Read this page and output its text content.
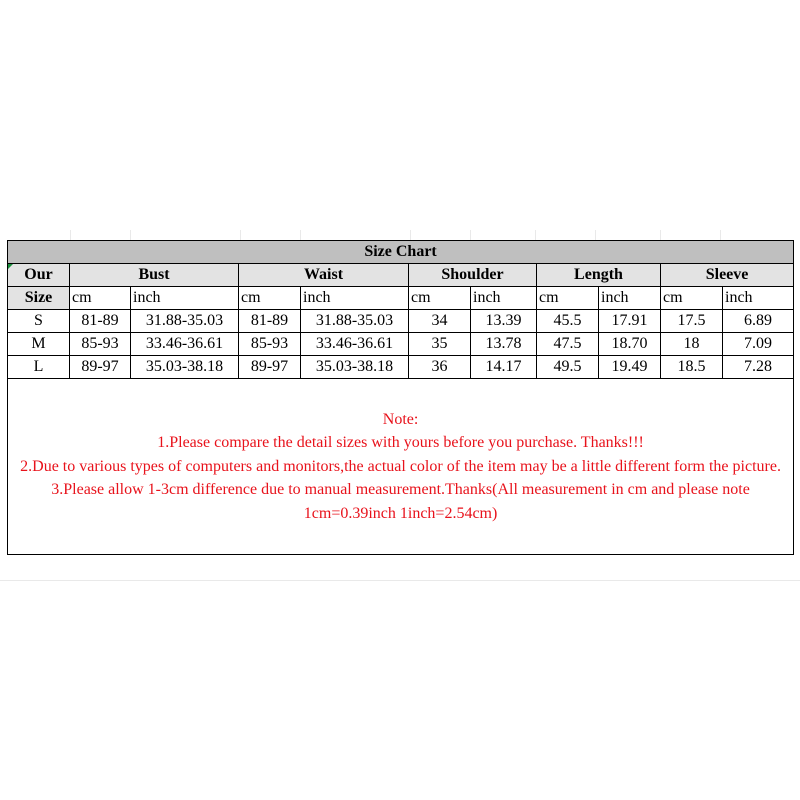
Size Chart										

Our	Bust		Waist		Shoulder		Length		Sleeve	
Size	cm	inch	cm	inch	cm	inch	cm	inch	cm	inch
S	81-89	31.88-35.03	81-89	31.88-35.03	34	13.39	45.5	17.91	17.5	6.89
M	85-93	33.46-36.61	85-93	33.46-36.61	35	13.78	47.5	18.70	18	7.09
L	89-97	35.03-38.18	89-97	35.03-38.18	36	14.17	49.5	19.49	18.5	7.28

Note:
1.Please compare the detail sizes with yours before you purchase. Thanks!!!
2.Due to various types of computers and monitors,the actual color of the item may be a little different form the picture.
3.Please allow 1-3cm difference due to manual measurement.Thanks(All measurement in cm and please note 1cm=0.39inch 1inch=2.54cm)										
